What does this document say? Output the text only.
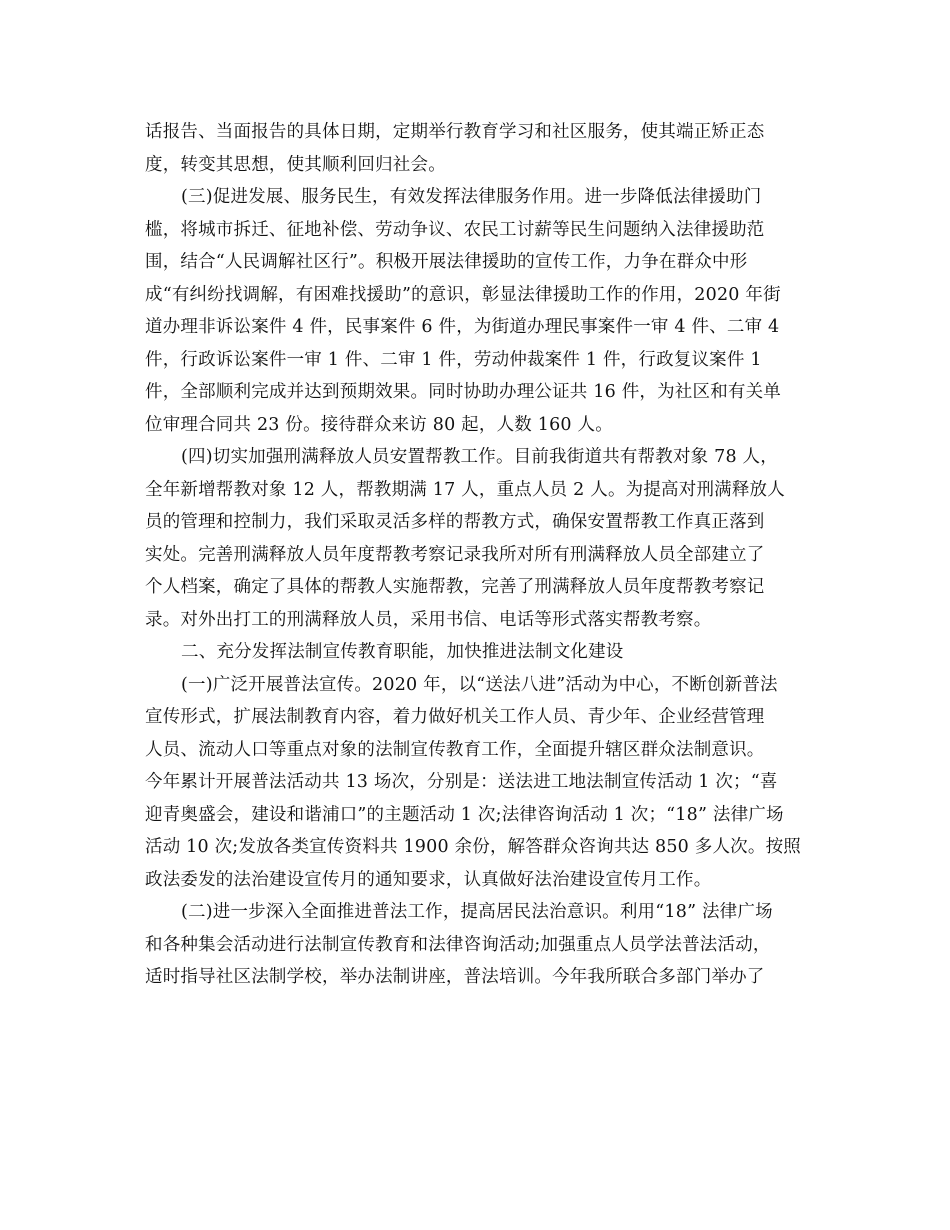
话报告、当面报告的具体日期，定期举行教育学习和社区服务，使其端正矫正态
度，转变其思想，使其顺利回归社会。
(三)促进发展、服务民生，有效发挥法律服务作用。进一步降低法律援助门
槛，将城市拆迁、征地补偿、劳动争议、农民工讨薪等民生问题纳入法律援助范
围，结合“人民调解社区行”。积极开展法律援助的宣传工作，力争在群众中形
成“有纠纷找调解，有困难找援助”的意识，彰显法律援助工作的作用，2020 年街
道办理非诉讼案件 4 件，民事案件 6 件，为街道办理民事案件一审 4 件、二审 4
件，行政诉讼案件一审 1 件、二审 1 件，劳动仲裁案件 1 件，行政复议案件 1
件，全部顺利完成并达到预期效果。同时协助办理公证共 16 件，为社区和有关单
位审理合同共 23 份。接待群众来访 80 起，人数 160 人。
(四)切实加强刑满释放人员安置帮教工作。目前我街道共有帮教对象 78 人，
全年新增帮教对象 12 人，帮教期满 17 人，重点人员 2 人。为提高对刑满释放人
员的管理和控制力，我们采取灵活多样的帮教方式，确保安置帮教工作真正落到
实处。完善刑满释放人员年度帮教考察记录我所对所有刑满释放人员全部建立了
个人档案，确定了具体的帮教人实施帮教，完善了刑满释放人员年度帮教考察记
录。对外出打工的刑满释放人员，采用书信、电话等形式落实帮教考察。
二、充分发挥法制宣传教育职能，加快推进法制文化建设
(一)广泛开展普法宣传。2020 年，以“送法八进”活动为中心，不断创新普法
宣传形式，扩展法制教育内容，着力做好机关工作人员、青少年、企业经营管理
人员、流动人口等重点对象的法制宣传教育工作，全面提升辖区群众法制意识。
今年累计开展普法活动共 13 场次，分别是：送法进工地法制宣传活动 1 次；“喜
迎青奥盛会，建设和谐浦口”的主题活动 1 次;法律咨询活动 1 次；“18” 法律广场
活动 10 次;发放各类宣传资料共 1900 余份，解答群众咨询共达 850 多人次。按照
政法委发的法治建设宣传月的通知要求，认真做好法治建设宣传月工作。
(二)进一步深入全面推进普法工作，提高居民法治意识。利用“18” 法律广场
和各种集会活动进行法制宣传教育和法律咨询活动;加强重点人员学法普法活动，
适时指导社区法制学校，举办法制讲座，普法培训。今年我所联合多部门举办了
